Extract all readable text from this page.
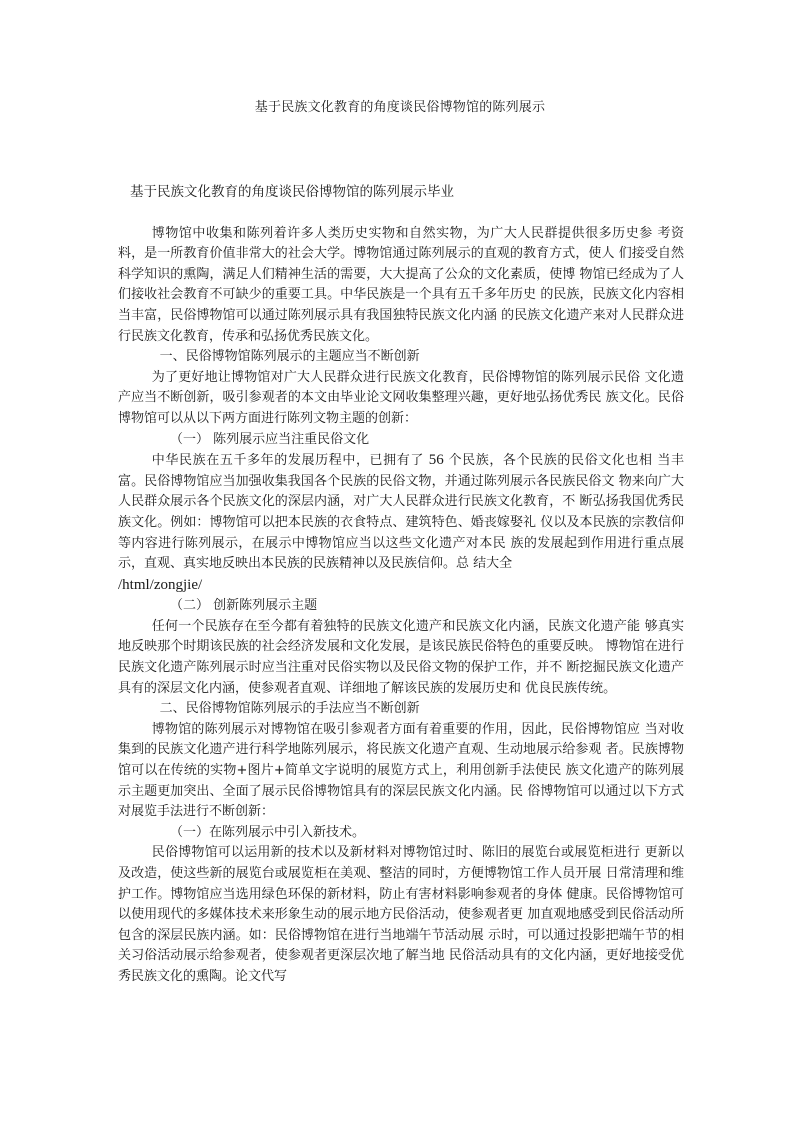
基于民族文化教育的角度谈民俗博物馆的陈列展示

基于民族文化教育的角度谈民俗博物馆的陈列展示毕业

博物馆中收集和陈列着许多人类历史实物和自然实物，为广大人民群提供很多历史参 考资料，是一所教育价值非常大的社会大学。博物馆通过陈列展示的直观的教育方式，使人 们接受自然科学知识的熏陶，满足人们精神生活的需要，大大提高了公众的文化素质，使博 物馆已经成为了人们接收社会教育不可缺少的重要工具。中华民族是一个具有五千多年历史 的民族，民族文化内容相当丰富，民俗博物馆可以通过陈列展示具有我国独特民族文化内涵 的民族文化遗产来对人民群众进行民族文化教育，传承和弘扬优秀民族文化。

一、民俗博物馆陈列展示的主题应当不断创新

为了更好地让博物馆对广大人民群众进行民族文化教育，民俗博物馆的陈列展示民俗 文化遗产应当不断创新，吸引参观者的本文由毕业论文网收集整理兴趣，更好地弘扬优秀民 族文化。民俗博物馆可以从以下两方面进行陈列文物主题的创新：

（一） 陈列展示应当注重民俗文化

中华民族在五千多年的发展历程中，已拥有了 56 个民族，各个民族的民俗文化也相 当丰富。民俗博物馆应当加强收集我国各个民族的民俗文物，并通过陈列展示各民族民俗文 物来向广大人民群众展示各个民族文化的深层内涵，对广大人民群众进行民族文化教育，不 断弘扬我国优秀民族文化。例如：博物馆可以把本民族的衣食特点、建筑特色、婚丧嫁娶礼 仪以及本民族的宗教信仰等内容进行陈列展示，在展示中博物馆应当以这些文化遗产对本民 族的发展起到作用进行重点展示，直观、真实地反映出本民族的民族精神以及民族信仰。总 结大全
/html/zongjie/

（二） 创新陈列展示主题

任何一个民族存在至今都有着独特的民族文化遗产和民族文化内涵，民族文化遗产能 够真实地反映那个时期该民族的社会经济发展和文化发展，是该民族民俗特色的重要反映。 博物馆在进行民族文化遗产陈列展示时应当注重对民俗实物以及民俗文物的保护工作，并不 断挖掘民族文化遗产具有的深层文化内涵，使参观者直观、详细地了解该民族的发展历史和 优良民族传统。

二、民俗博物馆陈列展示的手法应当不断创新

博物馆的陈列展示对博物馆在吸引参观者方面有着重要的作用，因此，民俗博物馆应 当对收集到的民族文化遗产进行科学地陈列展示，将民族文化遗产直观、生动地展示给参观 者。民族博物馆可以在传统的实物+图片+简单文字说明的展览方式上，利用创新手法使民 族文化遗产的陈列展示主题更加突出、全面了展示民俗博物馆具有的深层民族文化内涵。民 俗博物馆可以通过以下方式对展览手法进行不断创新：

（一）在陈列展示中引入新技术。

民俗博物馆可以运用新的技术以及新材料对博物馆过时、陈旧的展览台或展览柜进行 更新以及改造，使这些新的展览台或展览柜在美观、整洁的同时，方便博物馆工作人员开展 日常清理和维护工作。博物馆应当选用绿色环保的新材料，防止有害材料影响参观者的身体 健康。民俗博物馆可以使用现代的多媒体技术来形象生动的展示地方民俗活动，使参观者更 加直观地感受到民俗活动所包含的深层民族内涵。如：民俗博物馆在进行当地端午节活动展 示时，可以通过投影把端午节的相关习俗活动展示给参观者，使参观者更深层次地了解当地 民俗活动具有的文化内涵，更好地接受优秀民族文化的熏陶。论文代写
